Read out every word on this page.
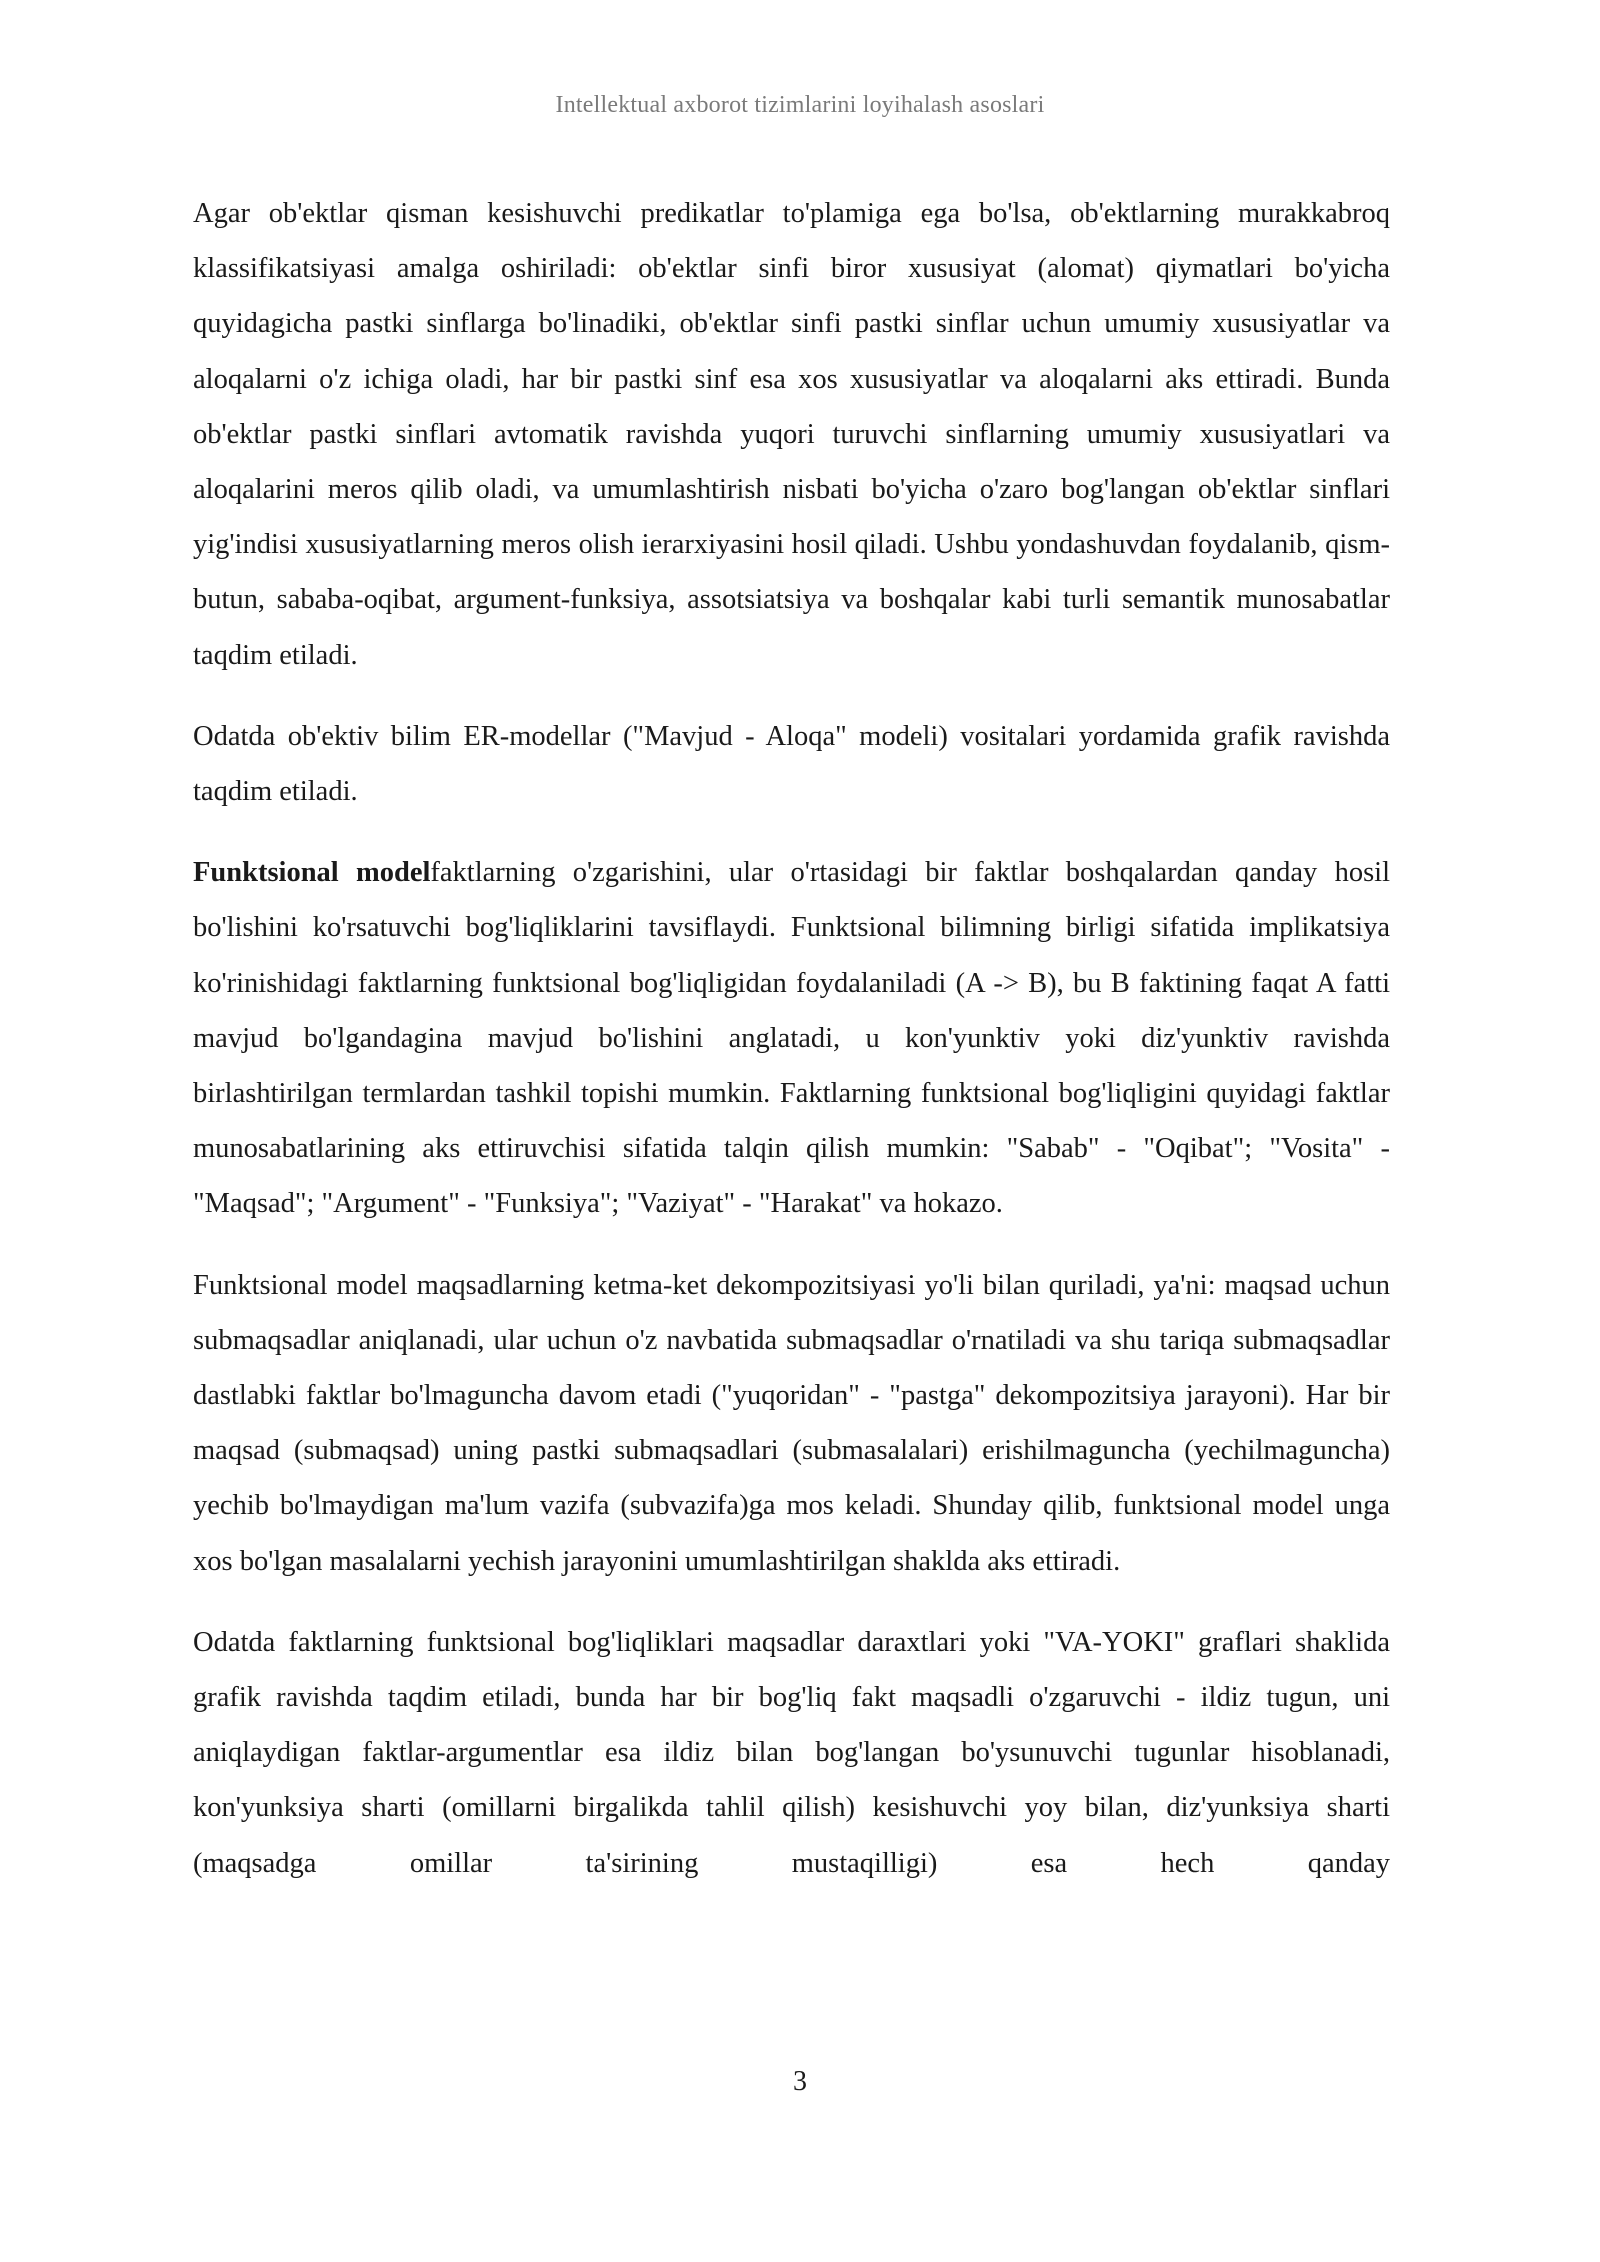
Intellektual axborot tizimlarini loyihalash asoslari

Agar ob'ektlar qisman kesishuvchi predikatlar to'plamiga ega bo'lsa, ob'ektlarning murakkabroq klassifikatsiyasi amalga oshiriladi: ob'ektlar sinfi biror xususiyat (alomat) qiymatlari bo'yicha quyidagicha pastki sinflarga bo'linadiki, ob'ektlar sinfi pastki sinflar uchun umumiy xususiyatlar va aloqalarni o'z ichiga oladi, har bir pastki sinf esa xos xususiyatlar va aloqalarni aks ettiradi. Bunda ob'ektlar pastki sinflari avtomatik ravishda yuqori turuvchi sinflarning umumiy xususiyatlari va aloqalarini meros qilib oladi, va umumlashtirish nisbati bo'yicha o'zaro bog'langan ob'ektlar sinflari yig'indisi xususiyatlarning meros olish ierarxiyasini hosil qiladi. Ushbu yondashuvdan foydalanib, qism-butun, sababa-oqibat, argument-funksiya, assotsiatsiya va boshqalar kabi turli semantik munosabatlar taqdim etiladi.

Odatda ob'ektiv bilim ER-modellar ("Mavjud - Aloqa" modeli) vositalari yordamida grafik ravishda taqdim etiladi.

Funktsional modelfaktlarning o'zgarishini, ular o'rtasidagi bir faktlar boshqalardan qanday hosil bo'lishini ko'rsatuvchi bog'liqliklarini tavsiflaydi. Funktsional bilimning birligi sifatida implikatsiya ko'rinishidagi faktlarning funktsional bog'liqligidan foydalaniladi (A -> B), bu B faktining faqat A fatti mavjud bo'lgandagina mavjud bo'lishini anglatadi, u kon'yunktiv yoki diz'yunktiv ravishda birlashtirilgan termlardan tashkil topishi mumkin. Faktlarning funktsional bog'liqligini quyidagi faktlar munosabatlarining aks ettiruvchisi sifatida talqin qilish mumkin: "Sabab" - "Oqibat"; "Vosita" - "Maqsad"; "Argument" - "Funksiya"; "Vaziyat" - "Harakat" va hokazo.

Funktsional model maqsadlarning ketma-ket dekompozitsiyasi yo'li bilan quriladi, ya'ni: maqsad uchun submaqsadlar aniqlanadi, ular uchun o'z navbatida submaqsadlar o'rnatiladi va shu tariqa submaqsadlar dastlabki faktlar bo'lmaguncha davom etadi ("yuqoridan" - "pastga" dekompozitsiya jarayoni). Har bir maqsad (submaqsad) uning pastki submaqsadlari (submasalalari) erishilmaguncha (yechilmaguncha) yechib bo'lmaydigan ma'lum vazifa (subvazifa)ga mos keladi. Shunday qilib, funktsional model unga xos bo'lgan masalalarni yechish jarayonini umumlashtirilgan shaklda aks ettiradi.

Odatda faktlarning funktsional bog'liqliklari maqsadlar daraxtlari yoki "VA-YOKI" graflari shaklida grafik ravishda taqdim etiladi, bunda har bir bog'liq fakt maqsadli o'zgaruvchi - ildiz tugun, uni aniqlaydigan faktlar-argumentlar esa ildiz bilan bog'langan bo'ysunuvchi tugunlar hisoblanadi, kon'yunksiya sharti (omillarni birgalikda tahlil qilish) kesishuvchi yoy bilan, diz'yunksiya sharti (maqsadga omillar ta'sirining mustaqilligi) esa hech qanday

3
